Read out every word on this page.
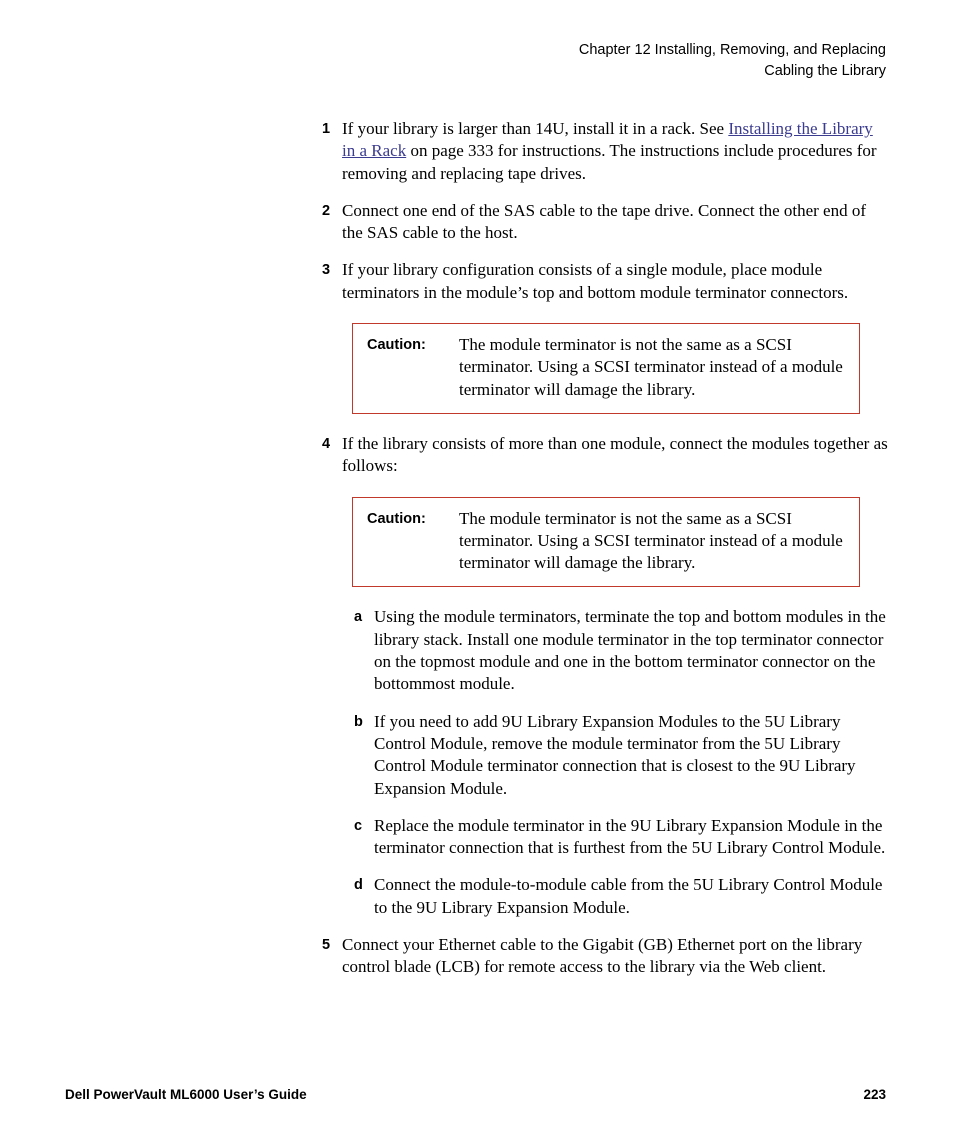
Chapter 12 Installing, Removing, and Replacing
Cabling the Library
1 If your library is larger than 14U, install it in a rack. See Installing the Library in a Rack on page 333 for instructions. The instructions include procedures for removing and replacing tape drives.
2 Connect one end of the SAS cable to the tape drive. Connect the other end of the SAS cable to the host.
3 If your library configuration consists of a single module, place module terminators in the module’s top and bottom module terminator connectors.
Caution:	The module terminator is not the same as a SCSI terminator. Using a SCSI terminator instead of a module terminator will damage the library.
4 If the library consists of more than one module, connect the modules together as follows:
Caution:	The module terminator is not the same as a SCSI terminator. Using a SCSI terminator instead of a module terminator will damage the library.
a Using the module terminators, terminate the top and bottom modules in the library stack. Install one module terminator in the top terminator connector on the topmost module and one in the bottom terminator connector on the bottommost module.
b If you need to add 9U Library Expansion Modules to the 5U Library Control Module, remove the module terminator from the 5U Library Control Module terminator connection that is closest to the 9U Library Expansion Module.
c Replace the module terminator in the 9U Library Expansion Module in the terminator connection that is furthest from the 5U Library Control Module.
d Connect the module-to-module cable from the 5U Library Control Module to the 9U Library Expansion Module.
5 Connect your Ethernet cable to the Gigabit (GB) Ethernet port on the library control blade (LCB) for remote access to the library via the Web client.
Dell PowerVault ML6000 User’s Guide	223
